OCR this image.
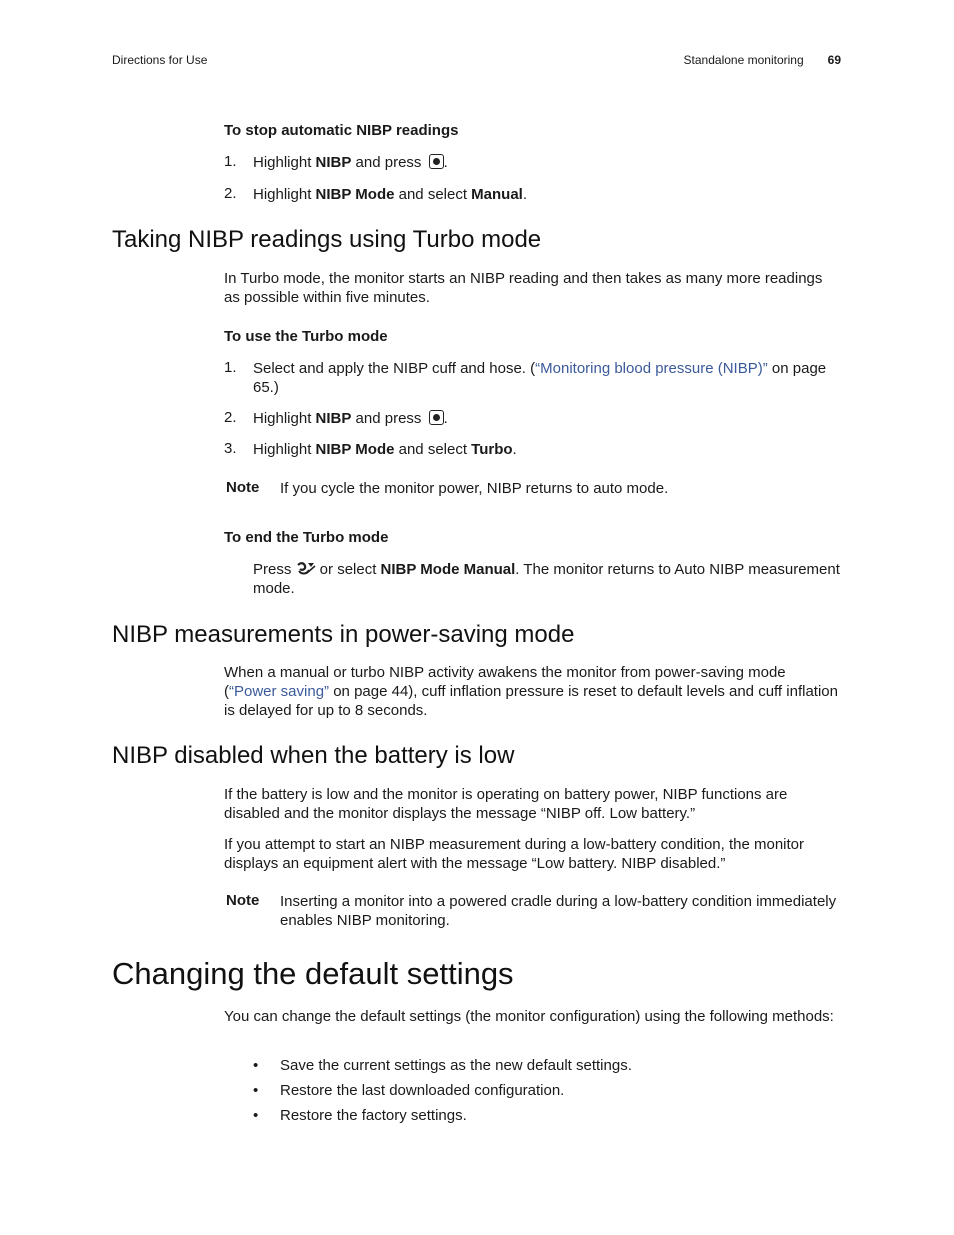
Directions for Use	Standalone monitoring 69
To stop automatic NIBP readings
1.	Highlight NIBP and press .
2.	Highlight NIBP Mode and select Manual.
Taking NIBP readings using Turbo mode
In Turbo mode, the monitor starts an NIBP reading and then takes as many more readings as possible within five minutes.
To use the Turbo mode
1.	Select and apply the NIBP cuff and hose. (“Monitoring blood pressure (NIBP)” on page 65.)
2.	Highlight NIBP and press .
3.	Highlight NIBP Mode and select Turbo.
Note If you cycle the monitor power, NIBP returns to auto mode.
To end the Turbo mode
Press  or select NIBP Mode Manual. The monitor returns to Auto NIBP measurement mode.
NIBP measurements in power-saving mode
When a manual or turbo NIBP activity awakens the monitor from power-saving mode (“Power saving” on page 44), cuff inflation pressure is reset to default levels and cuff inflation is delayed for up to 8 seconds.
NIBP disabled when the battery is low
If the battery is low and the monitor is operating on battery power, NIBP functions are disabled and the monitor displays the message “NIBP off. Low battery.”
If you attempt to start an NIBP measurement during a low-battery condition, the monitor displays an equipment alert with the message “Low battery. NIBP disabled.”
Note Inserting a monitor into a powered cradle during a low-battery condition immediately enables NIBP monitoring.
Changing the default settings
You can change the default settings (the monitor configuration) using the following methods:
• Save the current settings as the new default settings.
• Restore the last downloaded configuration.
• Restore the factory settings.
